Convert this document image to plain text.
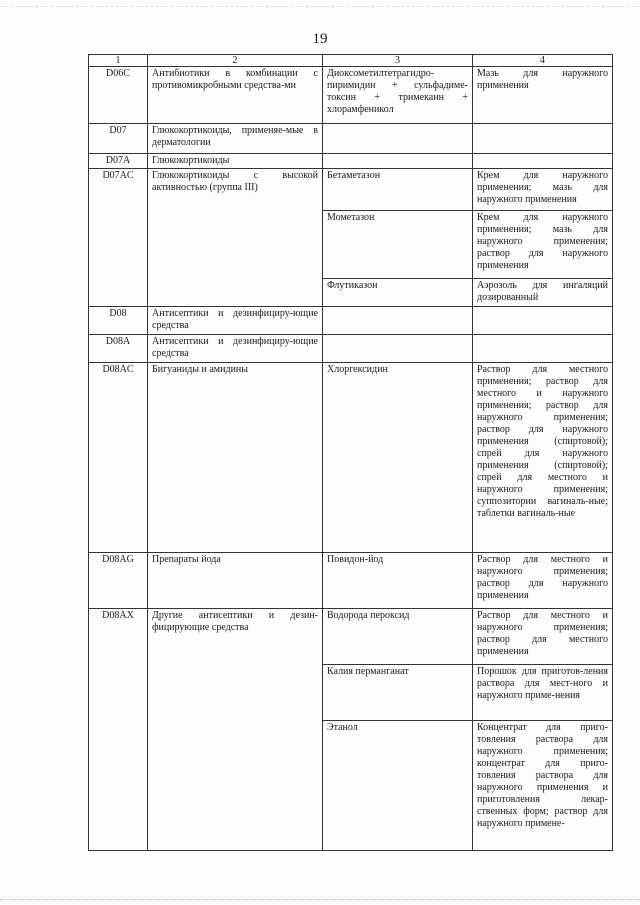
19
1	2	3	4
D06C	Антибиотики в комбинации с противомикробными средства-ми	Диоксометилтетрагидро-пиримидин + сульфадиме-токсин + тримекаин + хлорамфеникол	Мазь для наружного применения
D07	Глюкокортикоиды, применяе-мые в дерматологии		
D07A	Глюкокортикоиды		
D07AC	Глюкокортикоиды с высокой активностью (группа III)	Бетаметазон	Крем для наружного применения; мазь для наружного применения
		Мометазон	Крем для наружного применения; мазь для наружного применения; раствор для наружного применения
		Флутиказон	Аэрозоль для ингаляций дозированный
D08	Антисептики и дезинфициру-ющие средства		
D08A	Антисептики и дезинфициру-ющие средства		
D08AC	Бигуаниды и амидины	Хлоргексидин	Раствор для местного применения; раствор для местного и наружного применения; раствор для наружного применения; раствор для наружного применения (спиртовой); спрей для наружного применения (спиртовой); спрей для местного и наружного применения; суппозитории вагиналь-ные; таблетки вагиналь-ные
D08AG	Препараты йода	Повидон-йод	Раствор для местного и наружного применения; раствор для наружного применения
D08AX	Другие антисептики и дезин-фицирующие средства	Водорода пероксид	Раствор для местного и наружного применения; раствор для местного применения
		Калия перманганат	Порошок для приготов-ления раствора для мест-ного и наружного приме-нения
		Этанол	Концентрат для приго-товления раствора для наружного применения; концентрат для приго-товления раствора для наружного применения и приготовления лекар-ственных форм; раствор для наружного примене-
